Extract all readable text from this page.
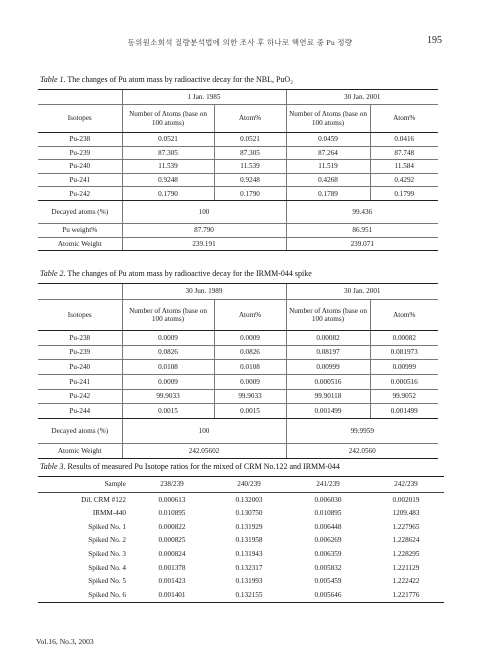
동위원소희석 질량분석법에 의한 조사 후 하나로 핵연료 중 Pu 정량	195
Table 1. The changes of Pu atom mass by radioactive decay for the NBL, PuO₂
	1 Jan. 1985		30 Jan. 2001	
Isotopes	Number of Atoms (base on 100 atoms)	Atom%	Number of Atoms (base on 100 atoms)	Atom%
Pu-238	0.0521	0.0521	0.0459	0.0416
Pu-239	87.305	87.305	87.264	87.748
Pu-240	11.539	11.539	11.519	11.584
Pu-241	0.9248	0.9248	0.4268	0.4292
Pu-242	0.1790	0.1790	0.1789	0.1799
Decayed atoms (%)	100		99.436	
Pu weight%	87.790		86.951	
Atomic Weight	239.191		239.071	
Table 2. The changes of Pu atom mass by radioactive decay for the IRMM-044 spike
	30 Jun. 1989		30 Jan. 2001	
Isotopes	Number of Atoms (base on 100 atoms)	Atom%	Number of Atoms (base on 100 atoms)	Atom%
Pu-238	0.0009	0.0009	0.00082	0.00082
Pu-239	0.0826	0.0826	0.08197	0.081973
Pu-240	0.0108	0.0108	0.00999	0.00999
Pu-241	0.0009	0.0009	0.000516	0.000516
Pu-242	99.9033	99.9033	99.90118	99.9052
Pu-244	0.0015	0.0015	0.001499	0.001499
Decayed atoms (%)	100		99.9959	
Atomic Weight	242.05602		242.0560	
Table 3. Results of measured Pu Isotope ratios for the mixed of CRM No.122 and IRMM-044
Sample	238/239	240/239	241/239	242/239
Dil. CRM #122	0.000613	0.132003	0.006030	0.002019
IRMM-440	0.010895	0.130750	0.010895	1209.483
Spiked No. 1	0.000822	0.131929	0.006448	1.227965
Spiked No. 2	0.000825	0.131958	0.006269	1.228624
Spiked No. 3	0.000824	0.131943	0.006359	1.228295
Spiked No. 4	0.001378	0.132317	0.005832	1.221129
Spiked No. 5	0.001423	0.131993	0.005459	1.222422
Spiked No. 6	0.001401	0.132155	0.005646	1.221776
Vol.16, No.3, 2003
